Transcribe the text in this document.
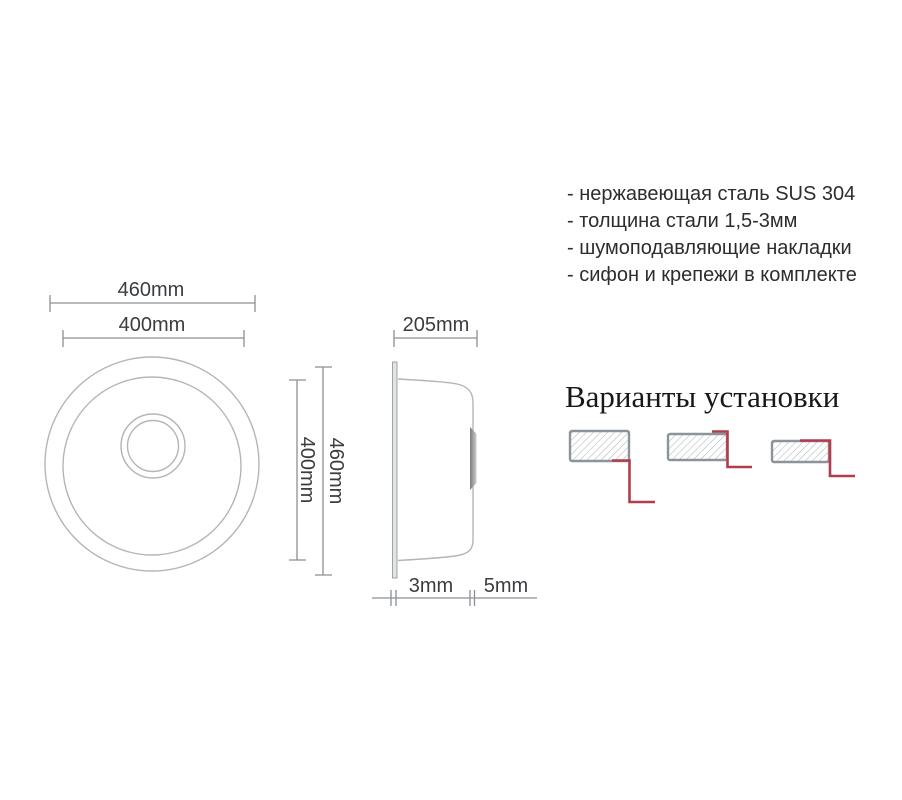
- нержавеющая сталь SUS 304
- толщина стали 1,5-3мм
- шумоподавляющие накладки
- сифон и крепежи в комплекте
Варианты установки
460mm
400mm
400mm 460mm
205mm
3mm 5mm
